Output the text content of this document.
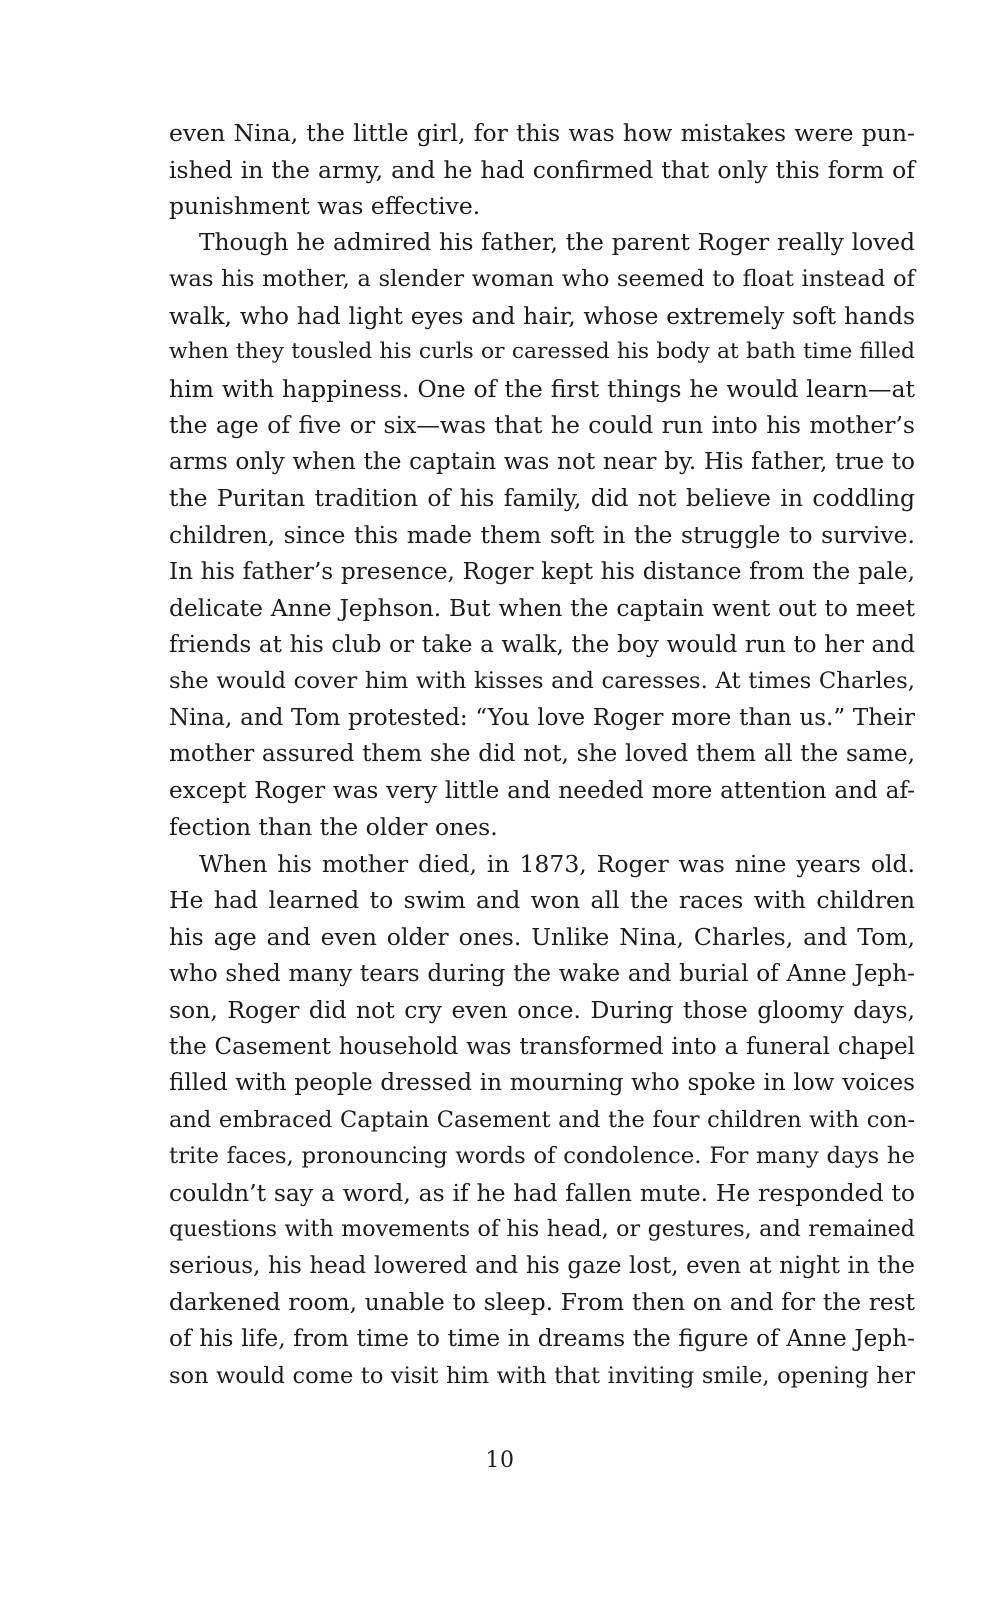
even Nina, the little girl, for this was how mistakes were pun-
ished in the army, and he had confirmed that only this form of
punishment was effective.
Though he admired his father, the parent Roger really loved
was his mother, a slender woman who seemed to float instead of
walk, who had light eyes and hair, whose extremely soft hands
when they tousled his curls or caressed his body at bath time filled
him with happiness. One of the first things he would learn—at
the age of five or six—was that he could run into his mother’s
arms only when the captain was not near by. His father, true to
the Puritan tradition of his family, did not believe in coddling
children, since this made them soft in the struggle to survive.
In his father’s presence, Roger kept his distance from the pale,
delicate Anne Jephson. But when the captain went out to meet
friends at his club or take a walk, the boy would run to her and
she would cover him with kisses and caresses. At times Charles,
Nina, and Tom protested: “You love Roger more than us.” Their
mother assured them she did not, she loved them all the same,
except Roger was very little and needed more attention and af-
fection than the older ones.
When his mother died, in 1873, Roger was nine years old.
He had learned to swim and won all the races with children
his age and even older ones. Unlike Nina, Charles, and Tom,
who shed many tears during the wake and burial of Anne Jeph-
son, Roger did not cry even once. During those gloomy days,
the Casement household was transformed into a funeral chapel
filled with people dressed in mourning who spoke in low voices
and embraced Captain Casement and the four children with con-
trite faces, pronouncing words of condolence. For many days he
couldn’t say a word, as if he had fallen mute. He responded to
questions with movements of his head, or gestures, and remained
serious, his head lowered and his gaze lost, even at night in the
darkened room, unable to sleep. From then on and for the rest
of his life, from time to time in dreams the figure of Anne Jeph-
son would come to visit him with that inviting smile, opening her
10
